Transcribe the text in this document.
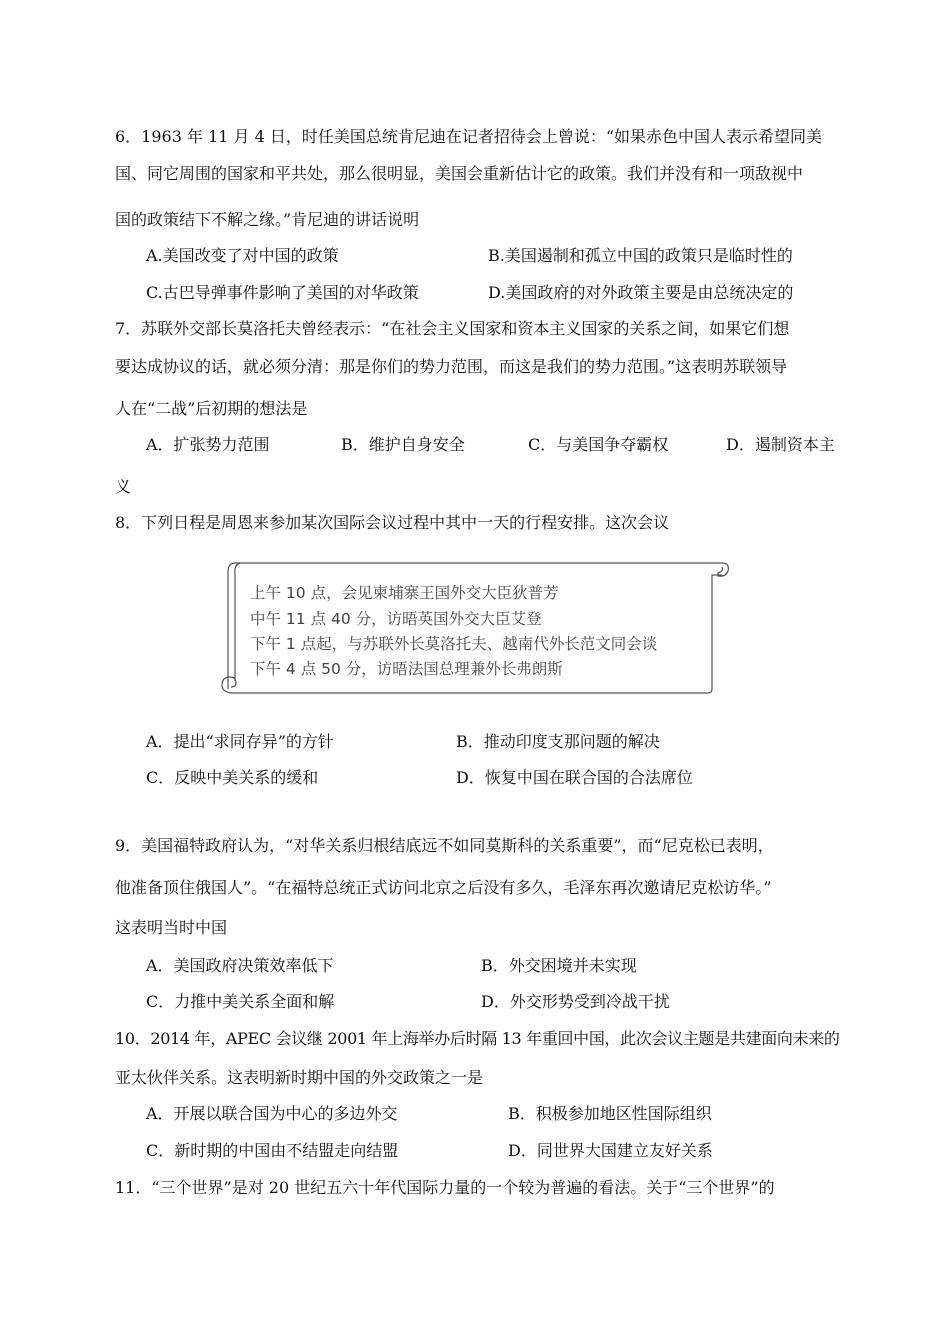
6．1963 年 11 月 4 日，时任美国总统肯尼迪在记者招待会上曾说：“如果赤色中国人表示希望同美
国、同它周围的国家和平共处，那么很明显，美国会重新估计它的政策。我们并没有和一项敌视中
国的政策结下不解之缘。”肯尼迪的讲话说明
A.美国改变了对中国的政策	B.美国遏制和孤立中国的政策只是临时性的
C.古巴导弹事件影响了美国的对华政策	D.美国政府的对外政策主要是由总统决定的
7．苏联外交部长莫洛托夫曾经表示：“在社会主义国家和资本主义国家的关系之间，如果它们想
要达成协议的话，就必须分清：那是你们的势力范围，而这是我们的势力范围。”这表明苏联领导
人在“二战”后初期的想法是
A．扩张势力范围	B．维护自身安全	C．与美国争夺霸权	D．遏制资本主
义
8．下列日程是周恩来参加某次国际会议过程中其中一天的行程安排。这次会议
上午 10 点，会见柬埔寨王国外交大臣狄普芳
中午 11 点 40 分，访晤英国外交大臣艾登
下午 1 点起，与苏联外长莫洛托夫、越南代外长范文同会谈
下午 4 点 50 分，访晤法国总理兼外长弗朗斯
A．提出“求同存异”的方针	B．推动印度支那问题的解决
C．反映中美关系的缓和	D．恢复中国在联合国的合法席位
9．美国福特政府认为，“对华关系归根结底远不如同莫斯科的关系重要”，而“尼克松已表明，
他准备顶住俄国人”。“在福特总统正式访问北京之后没有多久，毛泽东再次邀请尼克松访华。”
这表明当时中国
A．美国政府决策效率低下	B．外交困境并未实现
C．力推中美关系全面和解	D．外交形势受到冷战干扰
10．2014 年，APEC 会议继 2001 年上海举办后时隔 13 年重回中国，此次会议主题是共建面向未来的
亚太伙伴关系。这表明新时期中国的外交政策之一是
A．开展以联合国为中心的多边外交	B．积极参加地区性国际组织
C．新时期的中国由不结盟走向结盟	D．同世界大国建立友好关系
11．“三个世界”是对 20 世纪五六十年代国际力量的一个较为普遍的看法。关于“三个世界”的
